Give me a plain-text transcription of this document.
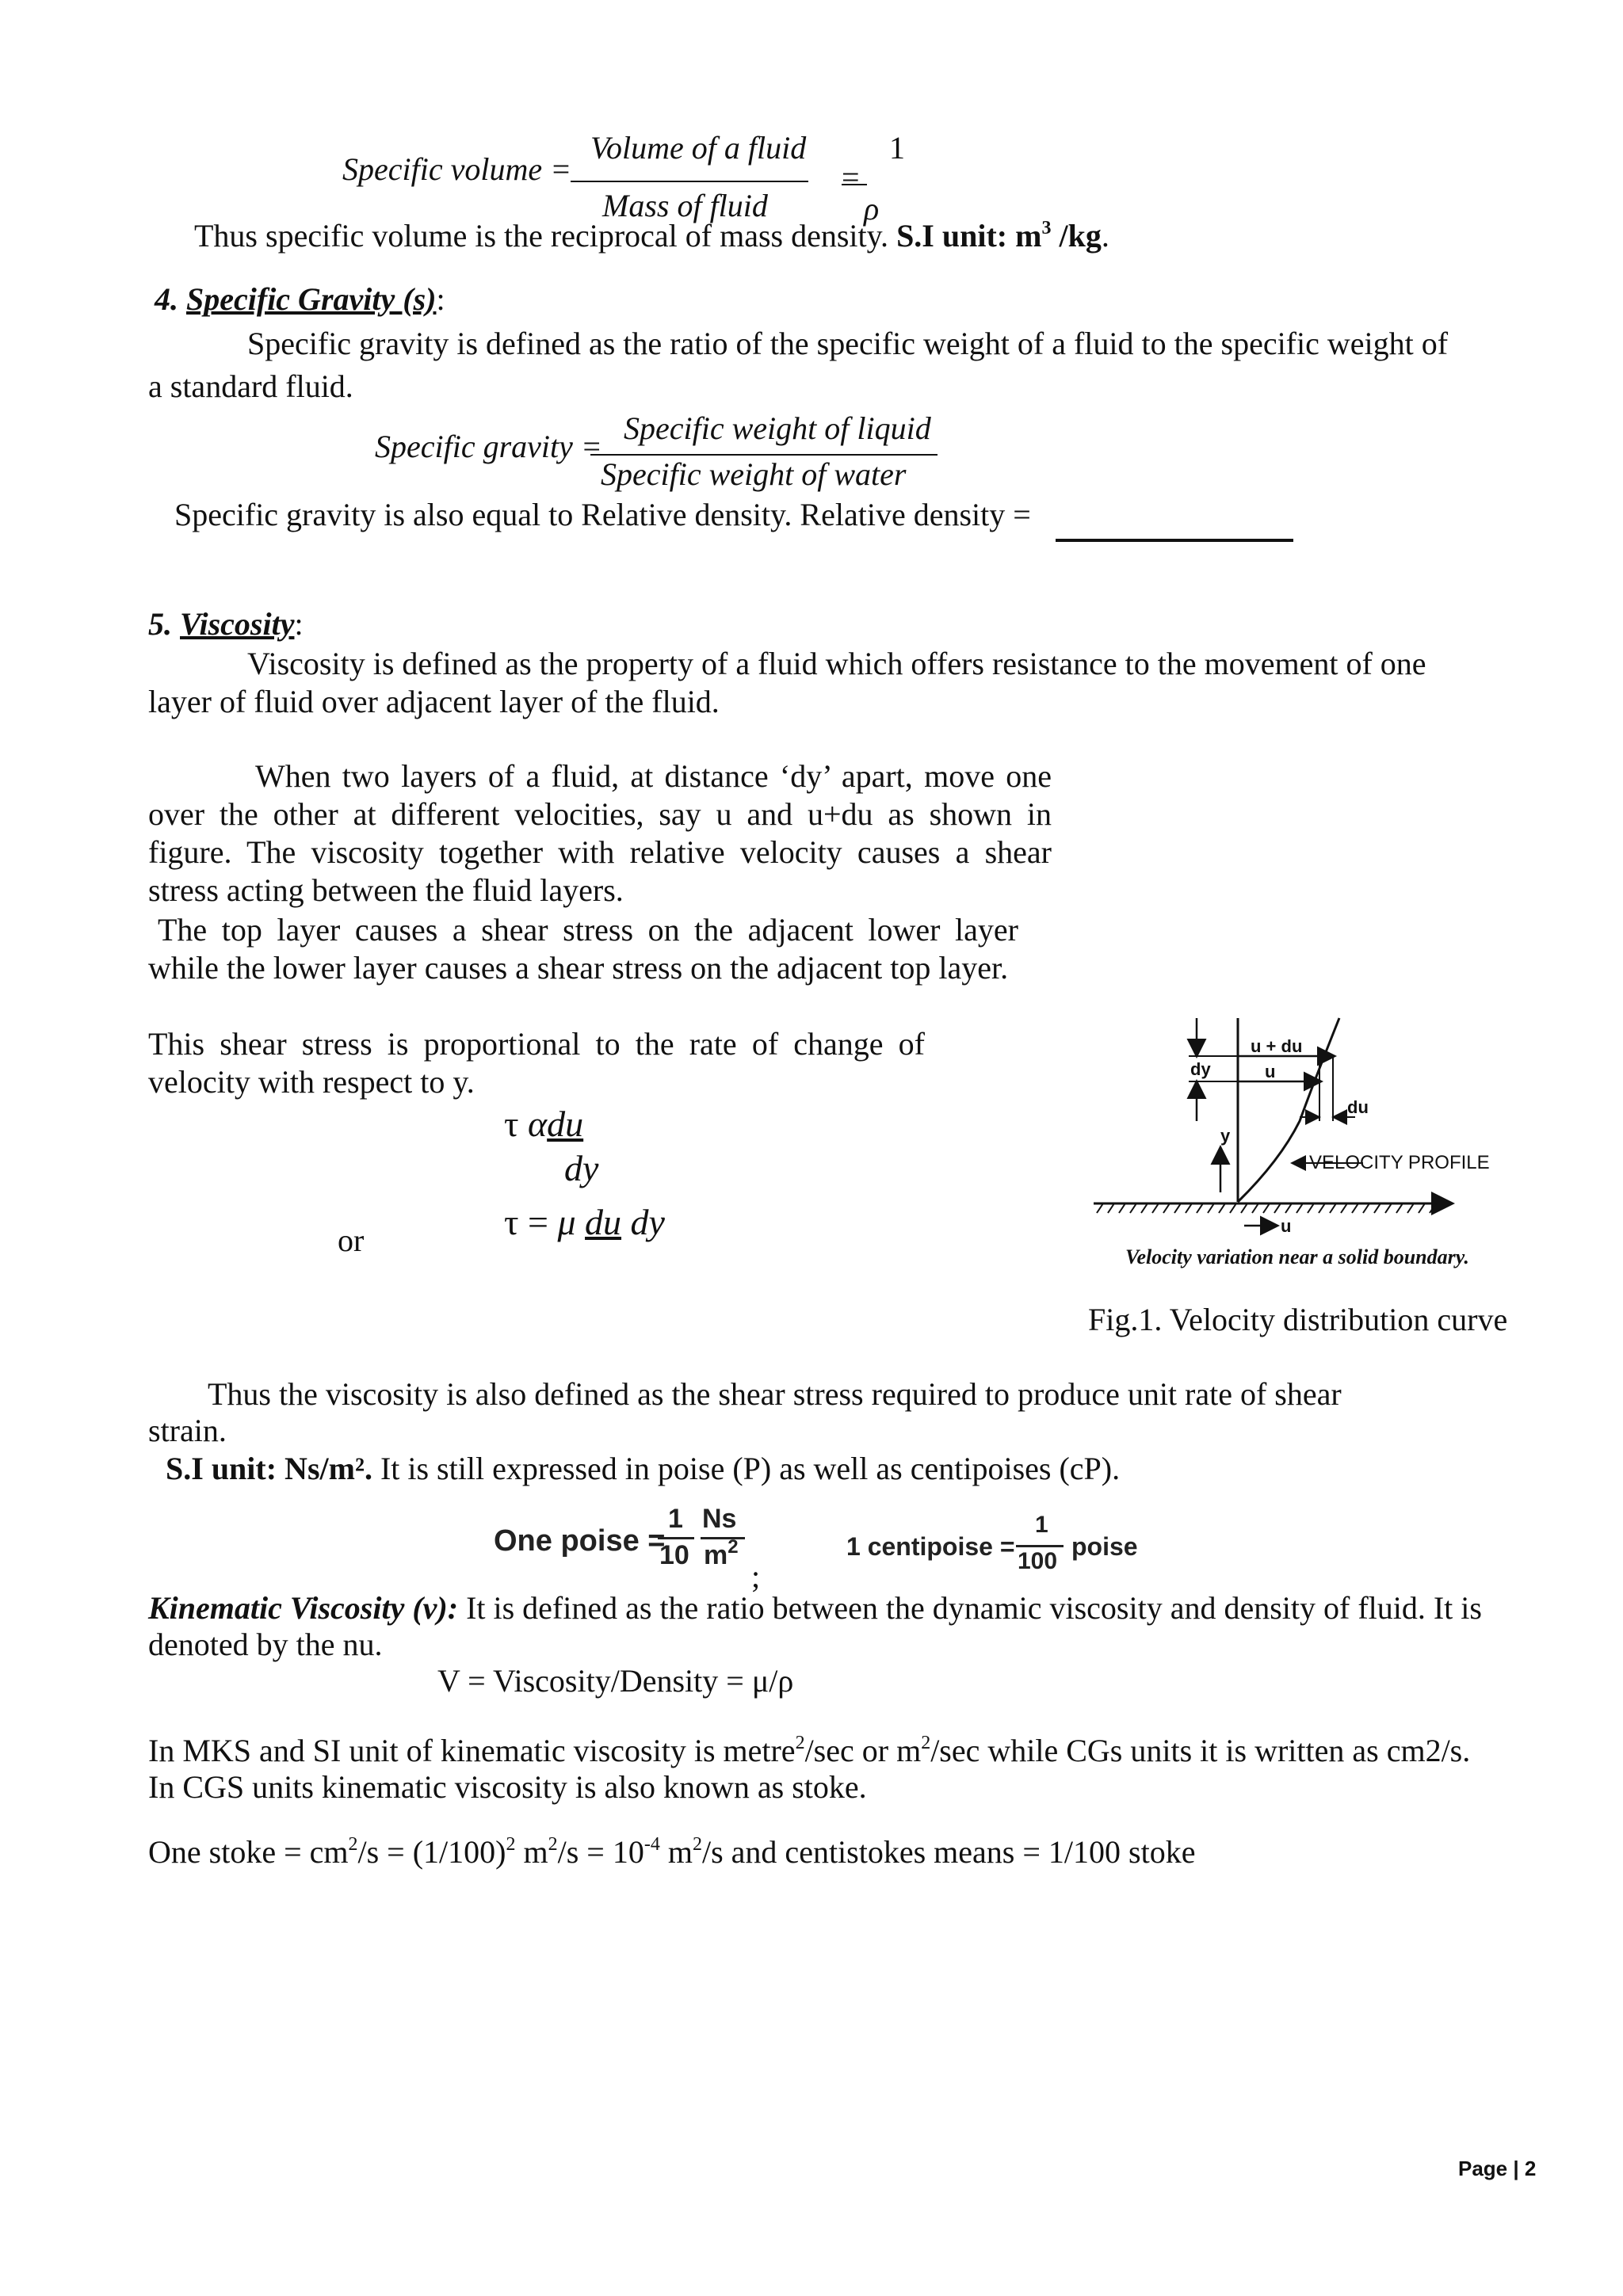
Specific volume =
Volume of a fluid
Mass of fluid
=
1
ρ
Thus specific volume is the reciprocal of mass density. S.I unit: $m^3$ /kg.
4. Specific Gravity (s):
Specific gravity is defined as the ratio of the specific weight of a fluid to the specific weight of
a standard fluid.
Specific gravity =
Specific weight of liquid
Specific weight of water
Specific gravity is also equal to Relative density. Relative density =
5. Viscosity:
Viscosity is defined as the property of a fluid which offers resistance to the movement of one layer of fluid over adjacent layer of the fluid.
When two layers of a fluid, at distance ‘dy’ apart, move one over the other at different velocities, say u and u+du as shown in figure. The viscosity together with relative velocity causes a shear stress acting between the fluid layers.
The top layer causes a shear stress on the adjacent lower layer while the lower layer causes a shear stress on the adjacent top layer.
This shear stress is proportional to the rate of change of
velocity with respect to y.
τ αdu
dy
or	τ = μ du dy
u + du
u
dy
y
du
VELOCITY PROFILE
u
Velocity variation near a solid boundary.
Fig.1. Velocity distribution curve
Thus the viscosity is also defined as the shear stress required to produce unit rate of shear
strain.
S.I unit: Ns/m². It is still expressed in poise (P) as well as centipoises (cP).
One poise =
1
10
Ns
$m^2$
;
1 centipoise =
1
100
poise
Kinematic Viscosity (ν): It is defined as the ratio between the dynamic viscosity and density of fluid. It is
denoted by the nu.
V = Viscosity/Density = μ/ρ
In MKS and SI unit of kinematic viscosity is metre$^2$/sec or $m^2/\sec$ while CGs units it is written as cm2/s.
In CGS units kinematic viscosity is also known as stoke.
One stoke = $cm^2/s = (1/100)^2$ $m^2/s = 10^{-4}$ $m^2/s$ and centistokes means = 1/100 stoke
Page | 2
